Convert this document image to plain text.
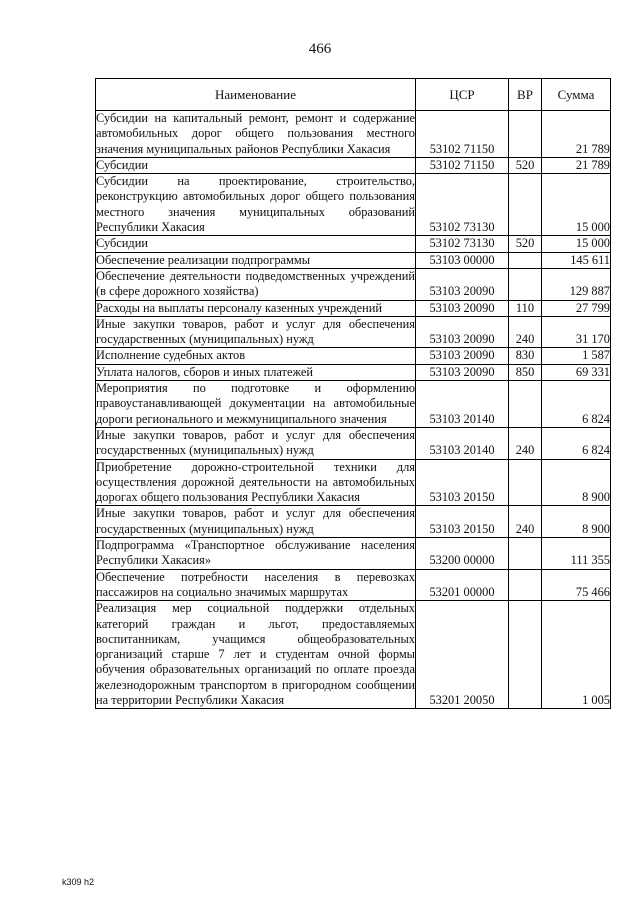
466
Наименование	ЦСР	ВР	Сумма
Субсидии на капитальный ремонт, ремонт и содержание автомобильных дорог общего пользования местного значения муниципальных районов Республики Хакасия	53102 71150		21 789
Субсидии	53102 71150	520	21 789
Субсидии на проектирование, строительство, реконструкцию автомобильных дорог общего пользования местного значения муниципальных образований Республики Хакасия	53102 73130		15 000
Субсидии	53102 73130	520	15 000
Обеспечение реализации подпрограммы	53103 00000		145 611
Обеспечение деятельности подведомственных учреждений (в сфере дорожного хозяйства)	53103 20090		129 887
Расходы на выплаты персоналу казенных учреждений	53103 20090	110	27 799
Иные закупки товаров, работ и услуг для обеспечения государственных (муниципальных) нужд	53103 20090	240	31 170
Исполнение судебных актов	53103 20090	830	1 587
Уплата налогов, сборов и иных платежей	53103 20090	850	69 331
Мероприятия по подготовке и оформлению правоустанавливающей документации на автомобильные дороги регионального и межмуниципального значения	53103 20140		6 824
Иные закупки товаров, работ и услуг для обеспечения государственных (муниципальных) нужд	53103 20140	240	6 824
Приобретение дорожно-строительной техники для осуществления дорожной деятельности на автомобильных дорогах общего пользования Республики Хакасия	53103 20150		8 900
Иные закупки товаров, работ и услуг для обеспечения государственных (муниципальных) нужд	53103 20150	240	8 900
Подпрограмма «Транспортное обслуживание населения Республики Хакасия»	53200 00000		111 355
Обеспечение потребности населения в перевозках пассажиров на социально значимых маршрутах	53201 00000		75 466
Реализация мер социальной поддержки отдельных категорий граждан и льгот, предоставляемых воспитанникам, учащимся общеобразовательных организаций старше 7 лет и студентам очной формы обучения образовательных организаций по оплате проезда железнодорожным транспортом в пригородном сообщении на территории Республики Хакасия	53201 20050		1 005
k309 h2
